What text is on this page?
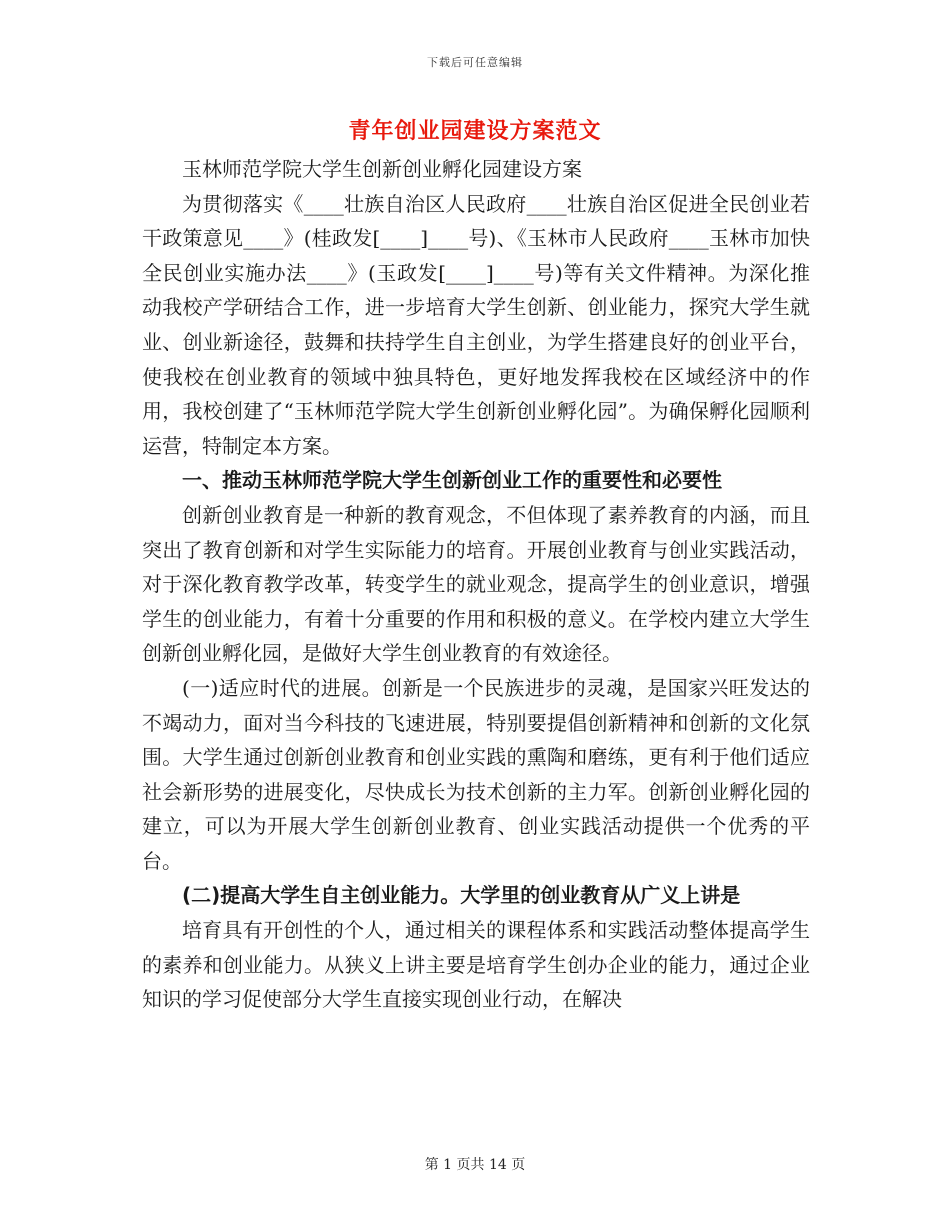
下载后可任意编辑
青年创业园建设方案范文

玉林师范学院大学生创新创业孵化园建设方案

为贯彻落实《____壮族自治区人民政府____壮族自治区促进全民创业若干政策意见____》(桂政发[____]____号)、《玉林市人民政府____玉林市加快全民创业实施办法____》(玉政发[____]____号)等有关文件精神。为深化推动我校产学研结合工作，进一步培育大学生创新、创业能力，探究大学生就业、创业新途径，鼓舞和扶持学生自主创业，为学生搭建良好的创业平台，使我校在创业教育的领域中独具特色，更好地发挥我校在区域经济中的作用，我校创建了“玉林师范学院大学生创新创业孵化园”。为确保孵化园顺利运营，特制定本方案。

一、推动玉林师范学院大学生创新创业工作的重要性和必要性

创新创业教育是一种新的教育观念，不但体现了素养教育的内涵，而且突出了教育创新和对学生实际能力的培育。开展创业教育与创业实践活动，对于深化教育教学改革，转变学生的就业观念，提高学生的创业意识，增强学生的创业能力，有着十分重要的作用和积极的意义。在学校内建立大学生创新创业孵化园，是做好大学生创业教育的有效途径。

(一)适应时代的进展。创新是一个民族进步的灵魂，是国家兴旺发达的不竭动力，面对当今科技的飞速进展，特别要提倡创新精神和创新的文化氛围。大学生通过创新创业教育和创业实践的熏陶和磨练，更有利于他们适应社会新形势的进展变化，尽快成长为技术创新的主力军。创新创业孵化园的建立，可以为开展大学生创新创业教育、创业实践活动提供一个优秀的平台。

(二)提高大学生自主创业能力。大学里的创业教育从广义上讲是

培育具有开创性的个人，通过相关的课程体系和实践活动整体提高学生的素养和创业能力。从狭义上讲主要是培育学生创办企业的能力，通过企业知识的学习促使部分大学生直接实现创业行动，在解决

第 1 页共 14 页
